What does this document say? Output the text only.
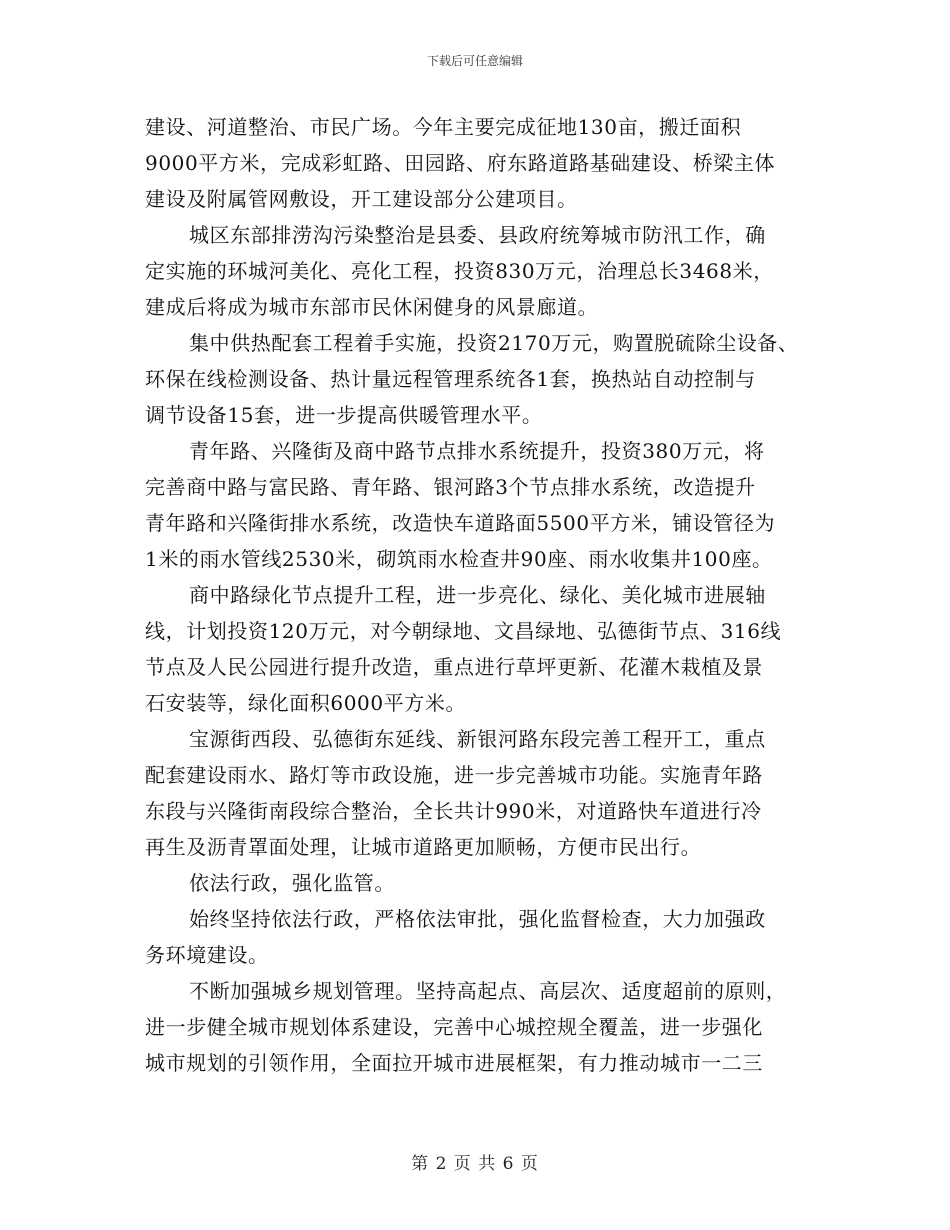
下载后可任意编辑
建设、河道整治、市民广场。今年主要完成征地130亩，搬迁面积
9000平方米，完成彩虹路、田园路、府东路道路基础建设、桥梁主体
建设及附属管网敷设，开工建设部分公建项目。
城区东部排涝沟污染整治是县委、县政府统筹城市防汛工作，确
定实施的环城河美化、亮化工程，投资830万元，治理总长3468米，
建成后将成为城市东部市民休闲健身的风景廊道。
集中供热配套工程着手实施，投资2170万元，购置脱硫除尘设备、
环保在线检测设备、热计量远程管理系统各1套，换热站自动控制与
调节设备15套，进一步提高供暖管理水平。
青年路、兴隆街及商中路节点排水系统提升，投资380万元，将
完善商中路与富民路、青年路、银河路3个节点排水系统，改造提升
青年路和兴隆街排水系统，改造快车道路面5500平方米，铺设管径为
1米的雨水管线2530米，砌筑雨水检查井90座、雨水收集井100座。
商中路绿化节点提升工程，进一步亮化、绿化、美化城市进展轴
线，计划投资120万元，对今朝绿地、文昌绿地、弘德街节点、316线
节点及人民公园进行提升改造，重点进行草坪更新、花灌木栽植及景
石安装等，绿化面积6000平方米。
宝源街西段、弘德街东延线、新银河路东段完善工程开工，重点
配套建设雨水、路灯等市政设施，进一步完善城市功能。实施青年路
东段与兴隆街南段综合整治，全长共计990米，对道路快车道进行冷
再生及沥青罩面处理，让城市道路更加顺畅，方便市民出行。
依法行政，强化监管。
始终坚持依法行政，严格依法审批，强化监督检查，大力加强政
务环境建设。
不断加强城乡规划管理。坚持高起点、高层次、适度超前的原则，
进一步健全城市规划体系建设，完善中心城控规全覆盖，进一步强化
城市规划的引领作用，全面拉开城市进展框架，有力推动城市一二三
第 2 页 共 6 页
